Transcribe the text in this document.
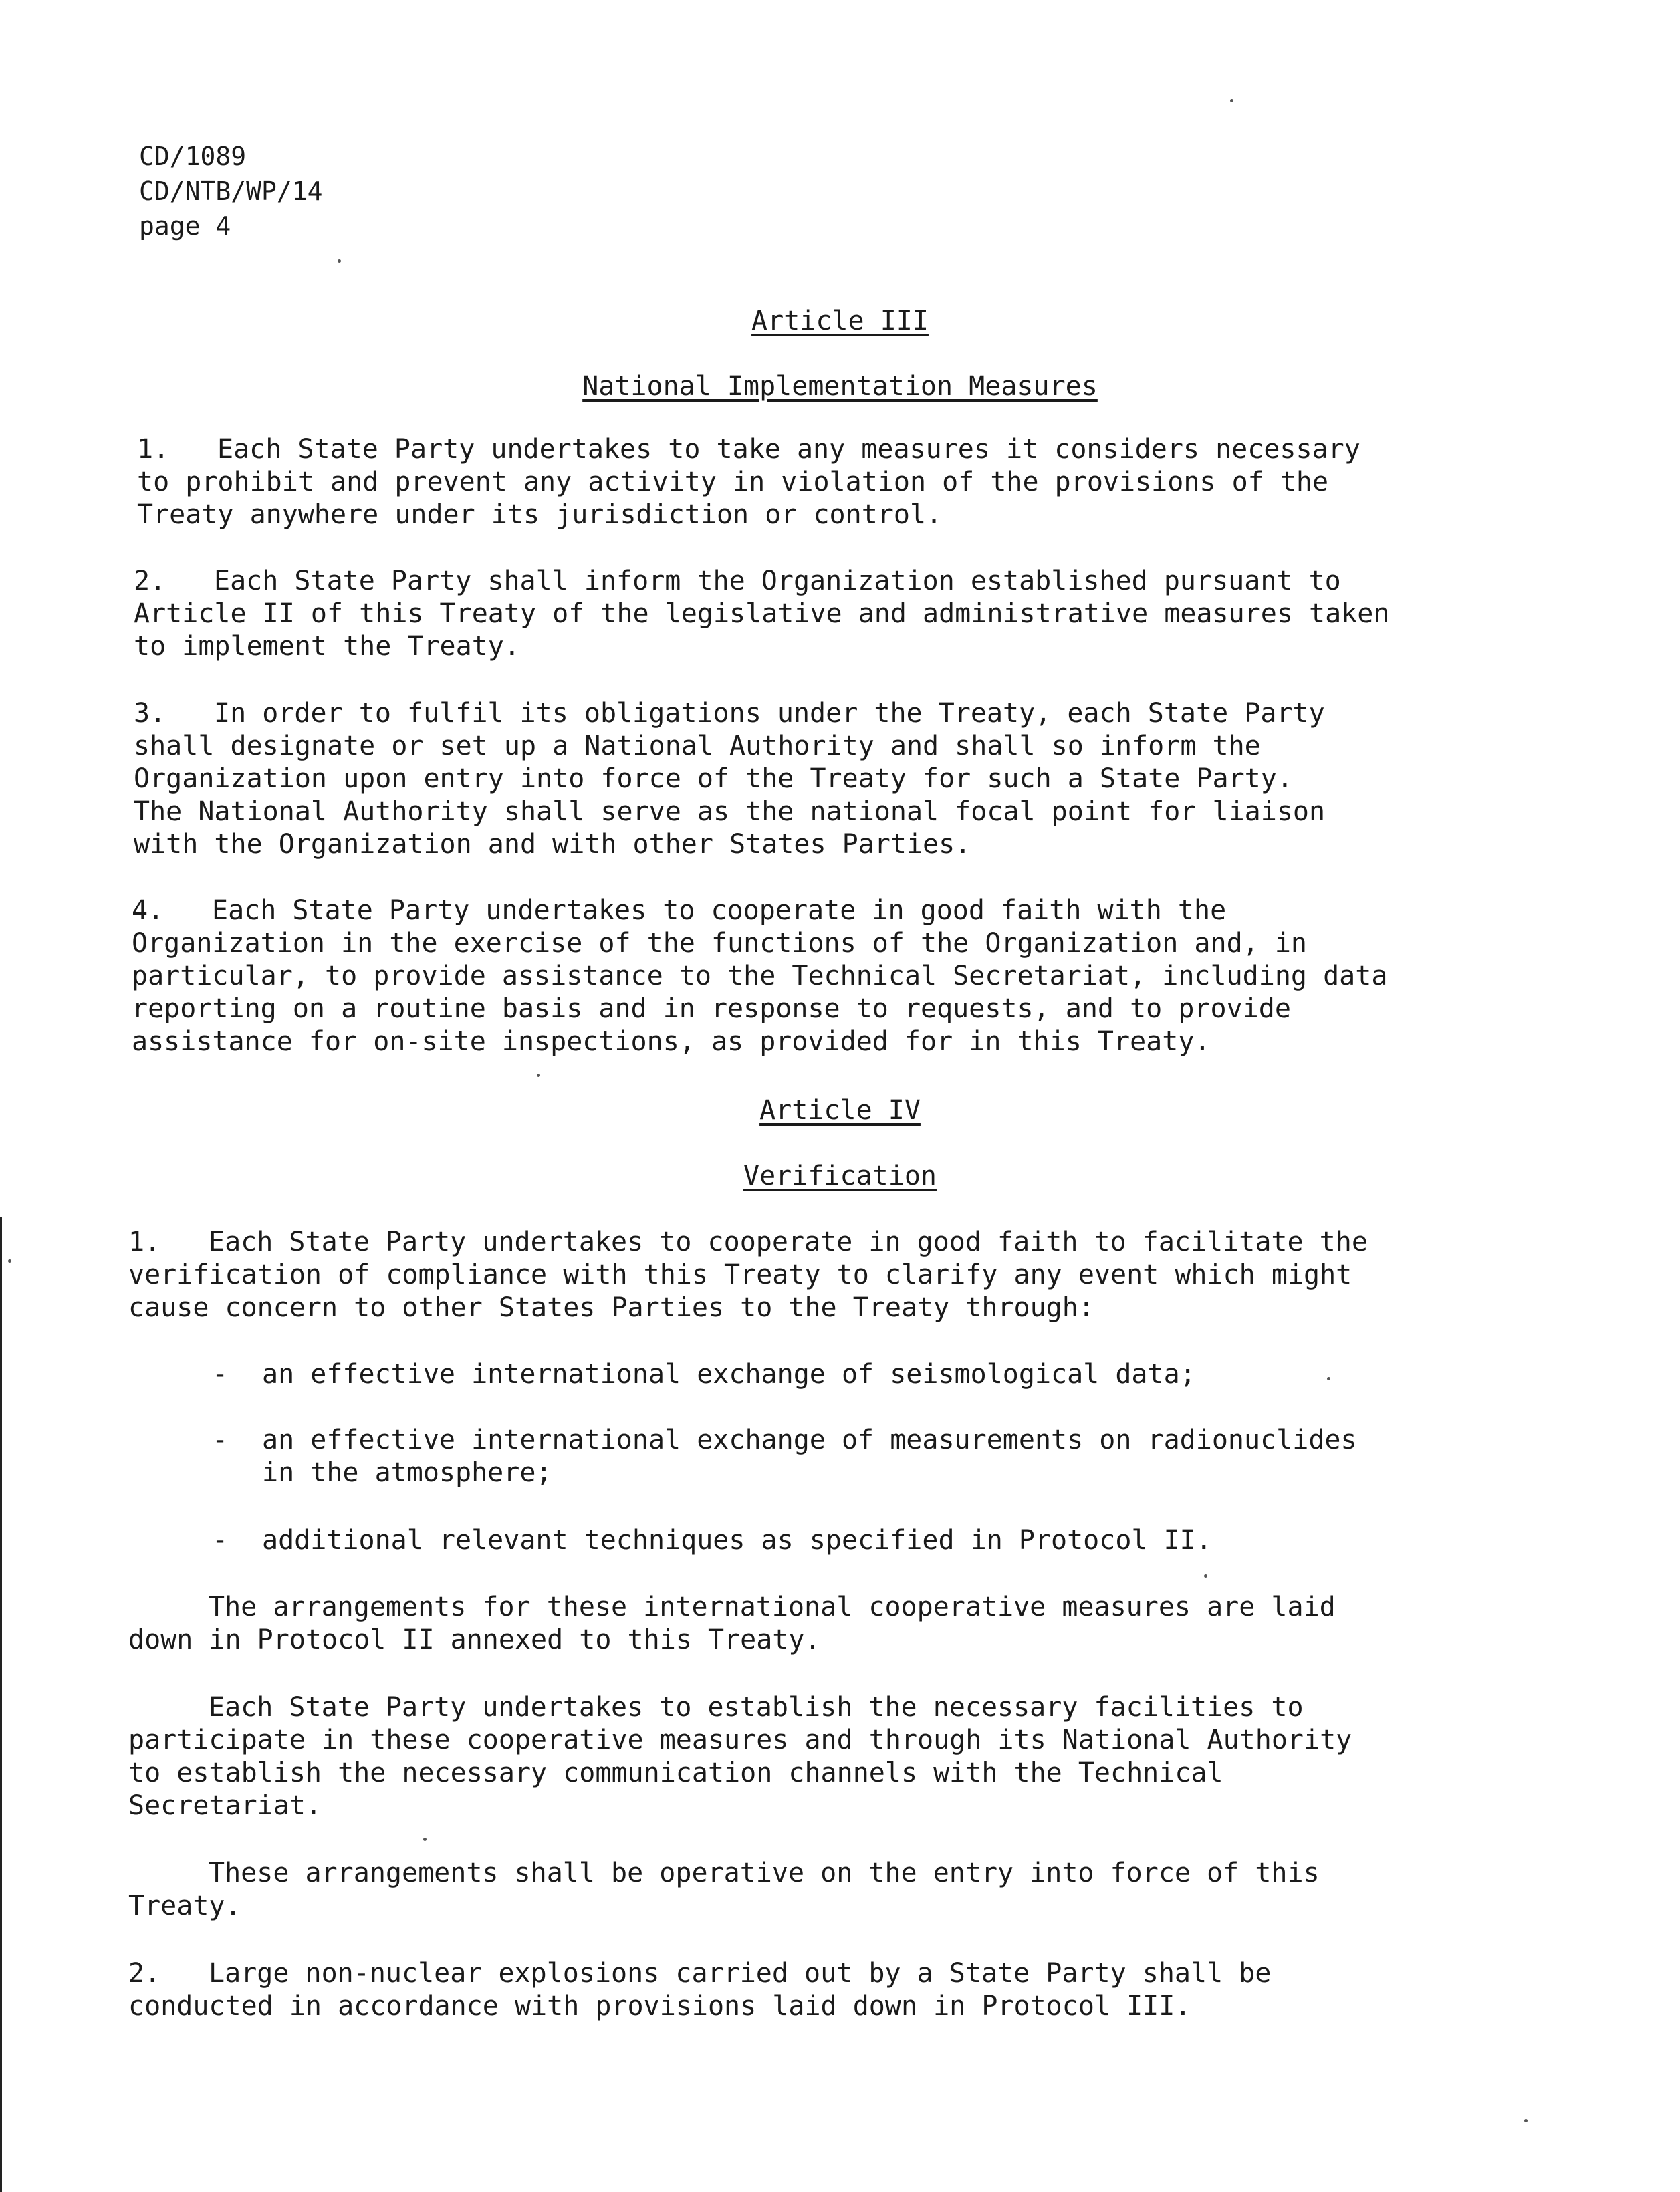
CD/1089
CD/NTB/WP/14
page 4
Article III
National Implementation Measures
1. Each State Party undertakes to take any measures it considers necessary
to prohibit and prevent any activity in violation of the provisions of the
Treaty anywhere under its jurisdiction or control.
2. Each State Party shall inform the Organization established pursuant to
Article II of this Treaty of the legislative and administrative measures taken
to implement the Treaty.
3. In order to fulfil its obligations under the Treaty, each State Party
shall designate or set up a National Authority and shall so inform the
Organization upon entry into force of the Treaty for such a State Party.
The National Authority shall serve as the national focal point for liaison
with the Organization and with other States Parties.
4. Each State Party undertakes to cooperate in good faith with the
Organization in the exercise of the functions of the Organization and, in
particular, to provide assistance to the Technical Secretariat, including data
reporting on a routine basis and in response to requests, and to provide
assistance for on-site inspections, as provided for in this Treaty.
Article IV
Verification
1. Each State Party undertakes to cooperate in good faith to facilitate the
verification of compliance with this Treaty to clarify any event which might
cause concern to other States Parties to the Treaty through:
- an effective international exchange of seismological data;
- an effective international exchange of measurements on radionuclides
in the atmosphere;
- additional relevant techniques as specified in Protocol II.
The arrangements for these international cooperative measures are laid
down in Protocol II annexed to this Treaty.
Each State Party undertakes to establish the necessary facilities to
participate in these cooperative measures and through its National Authority
to establish the necessary communication channels with the Technical
Secretariat.
These arrangements shall be operative on the entry into force of this
Treaty.
2. Large non-nuclear explosions carried out by a State Party shall be
conducted in accordance with provisions laid down in Protocol III.
